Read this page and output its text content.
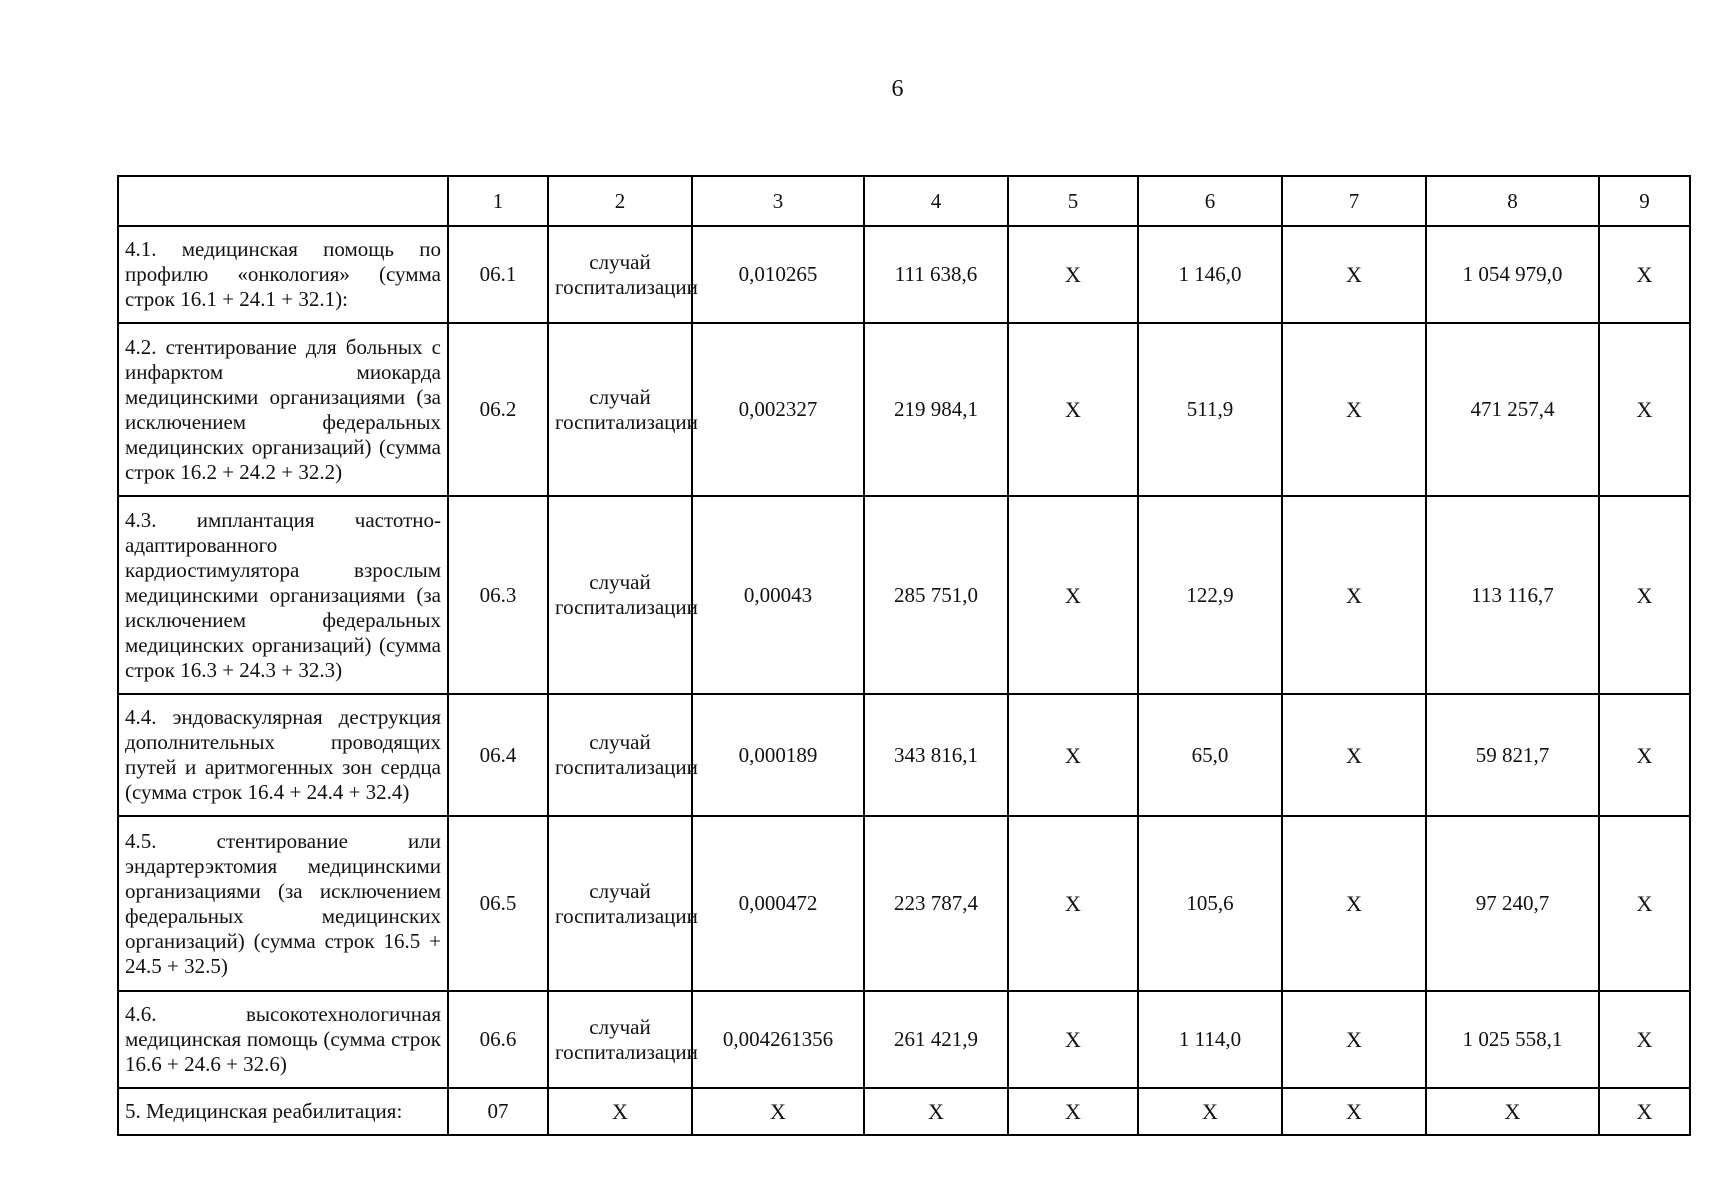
6
	1	2	3	4	5	6	7	8	9
4.1. медицинская помощь по профилю «онкология» (сумма строк 16.1 + 24.1 + 32.1):	06.1	случай госпитализации	0,010265	111 638,6	X	1 146,0	X	1 054 979,0	X
4.2. стентирование для больных с инфарктом миокарда медицинскими организациями (за исключением федеральных медицинских организаций) (сумма строк 16.2 + 24.2 + 32.2)	06.2	случай госпитализации	0,002327	219 984,1	X	511,9	X	471 257,4	X
4.3. имплантация частотно-адаптированного кардиостимулятора взрослым медицинскими организациями (за исключением федеральных медицинских организаций) (сумма строк 16.3 + 24.3 + 32.3)	06.3	случай госпитализации	0,00043	285 751,0	X	122,9	X	113 116,7	X
4.4. эндоваскулярная деструкция дополнительных проводящих путей и аритмогенных зон сердца (сумма строк 16.4 + 24.4 + 32.4)	06.4	случай госпитализации	0,000189	343 816,1	X	65,0	X	59 821,7	X
4.5. стентирование или эндартерэктомия медицинскими организациями (за исключением федеральных медицинских организаций) (сумма строк 16.5 + 24.5 + 32.5)	06.5	случай госпитализации	0,000472	223 787,4	X	105,6	X	97 240,7	X
4.6. высокотехнологичная медицинская помощь (сумма строк 16.6 + 24.6 + 32.6)	06.6	случай госпитализации	0,004261356	261 421,9	X	1 114,0	X	1 025 558,1	X
5. Медицинская реабилитация:	07	X	X	X	X	X	X	X	X
